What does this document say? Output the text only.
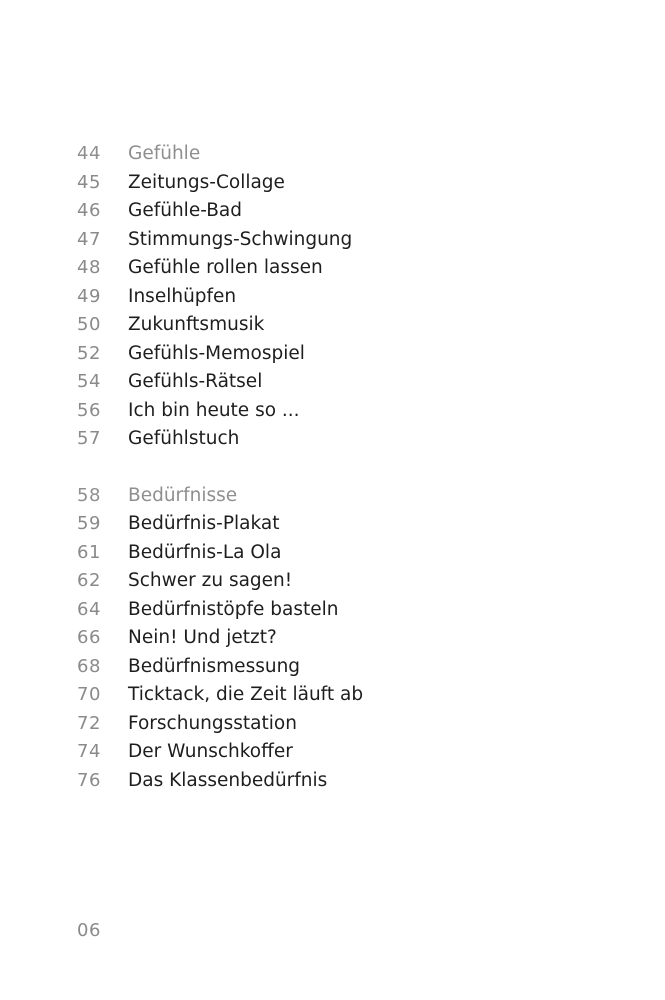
44	Gefühle
45	Zeitungs-Collage
46	Gefühle-Bad
47	Stimmungs-Schwingung
48	Gefühle rollen lassen
49	Inselhüpfen
50	Zukunftsmusik
52	Gefühls-Memospiel
54	Gefühls-Rätsel
56	Ich bin heute so ...
57	Gefühlstuch
58	Bedürfnisse
59	Bedürfnis-Plakat
61	Bedürfnis-La Ola
62	Schwer zu sagen!
64	Bedürfnistöpfe basteln
66	Nein! Und jetzt?
68	Bedürfnismessung
70	Ticktack, die Zeit läuft ab
72	Forschungsstation
74	Der Wunschkoffer
76	Das Klassenbedürfnis
06
